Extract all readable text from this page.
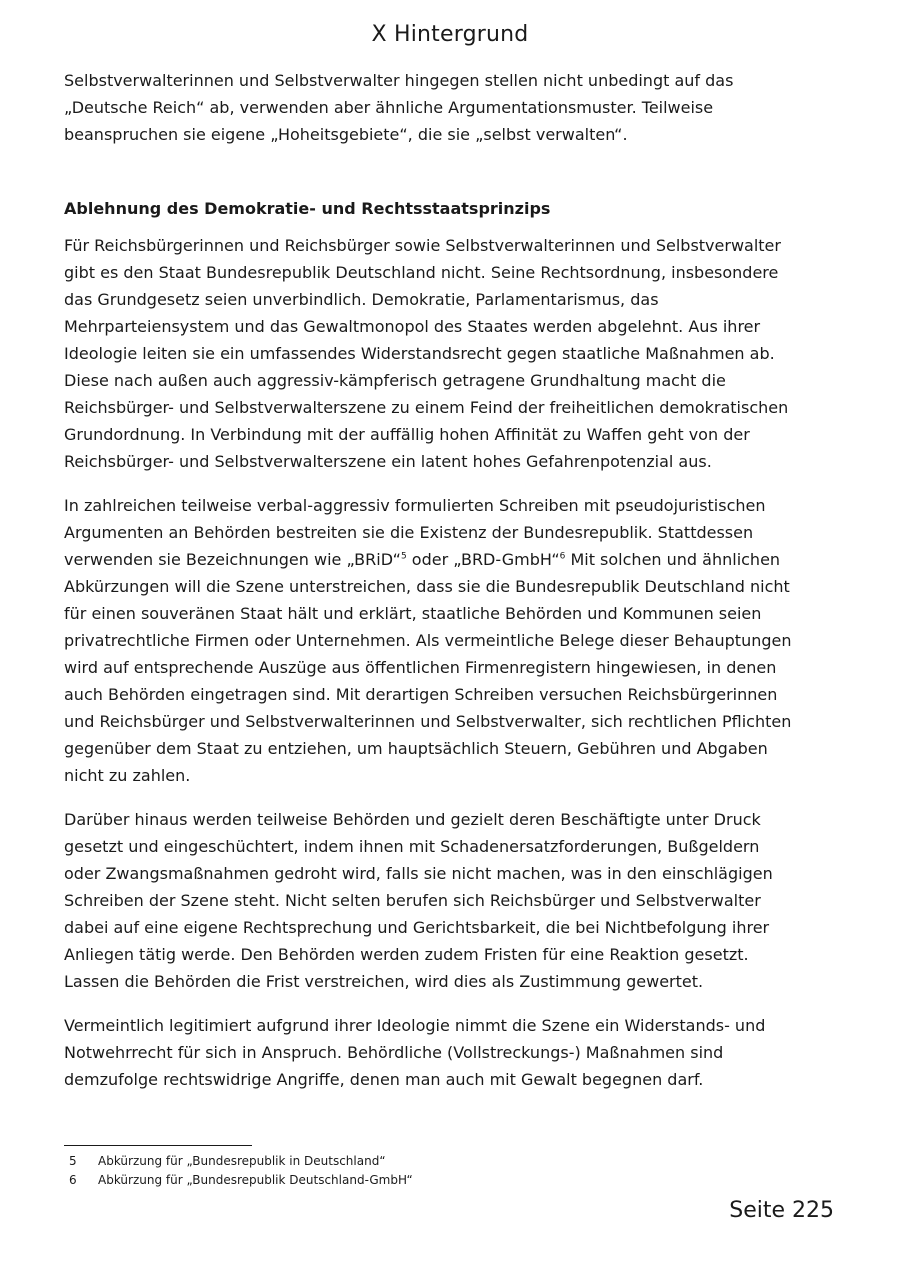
X Hintergrund

Selbstverwalterinnen und Selbstverwalter hingegen stellen nicht unbedingt auf das „Deutsche Reich“ ab, verwenden aber ähnliche Argumentationsmuster. Teilweise beanspruchen sie eigene „Hoheitsgebiete“, die sie „selbst verwalten“.

Ablehnung des Demokratie- und Rechtsstaatsprinzips

Für Reichsbürgerinnen und Reichsbürger sowie Selbstverwalterinnen und Selbstverwalter gibt es den Staat Bundesrepublik Deutschland nicht. Seine Rechtsordnung, insbesondere das Grundgesetz seien unverbindlich. Demokratie, Parlamentarismus, das Mehrparteiensystem und das Gewaltmonopol des Staates werden abgelehnt. Aus ihrer Ideologie leiten sie ein umfassendes Widerstandsrecht gegen staatliche Maßnahmen ab. Diese nach außen auch aggressiv-kämpferisch getragene Grundhaltung macht die Reichsbürger- und Selbstverwalterszene zu einem Feind der freiheitlichen demokratischen Grundordnung. In Verbindung mit der auffällig hohen Affinität zu Waffen geht von der Reichsbürger- und Selbstverwalterszene ein latent hohes Gefahrenpotenzial aus.

In zahlreichen teilweise verbal-aggressiv formulierten Schreiben mit pseudojuristischen Argumenten an Behörden bestreiten sie die Existenz der Bundesrepublik. Stattdessen verwenden sie Bezeichnungen wie „BRiD“$^5$ oder „BRD-GmbH“$^6$ Mit solchen und ähnlichen Abkürzungen will die Szene unterstreichen, dass sie die Bundesrepublik Deutschland nicht für einen souveränen Staat hält und erklärt, staatliche Behörden und Kommunen seien privatrechtliche Firmen oder Unternehmen. Als vermeintliche Belege dieser Behauptungen wird auf entsprechende Auszüge aus öffentlichen Firmenregistern hingewiesen, in denen auch Behörden eingetragen sind. Mit derartigen Schreiben versuchen Reichsbürgerinnen und Reichsbürger und Selbstverwalterinnen und Selbstverwalter, sich rechtlichen Pflichten gegenüber dem Staat zu entziehen, um hauptsächlich Steuern, Gebühren und Abgaben nicht zu zahlen.

Darüber hinaus werden teilweise Behörden und gezielt deren Beschäftigte unter Druck gesetzt und eingeschüchtert, indem ihnen mit Schadenersatzforderungen, Bußgeldern oder Zwangsmaßnahmen gedroht wird, falls sie nicht machen, was in den einschlägigen Schreiben der Szene steht. Nicht selten berufen sich Reichsbürger und Selbstverwalter dabei auf eine eigene Rechtsprechung und Gerichtsbarkeit, die bei Nichtbefolgung ihrer Anliegen tätig werde. Den Behörden werden zudem Fristen für eine Reaktion gesetzt. Lassen die Behörden die Frist verstreichen, wird dies als Zustimmung gewertet.

Vermeintlich legitimiert aufgrund ihrer Ideologie nimmt die Szene ein Widerstands- und Notwehrrecht für sich in Anspruch. Behördliche (Vollstreckungs-) Maßnahmen sind demzufolge rechtswidrige Angriffe, denen man auch mit Gewalt begegnen darf.

5	Abkürzung für „Bundesrepublik in Deutschland“
6	Abkürzung für „Bundesrepublik Deutschland-GmbH“
Seite 225
